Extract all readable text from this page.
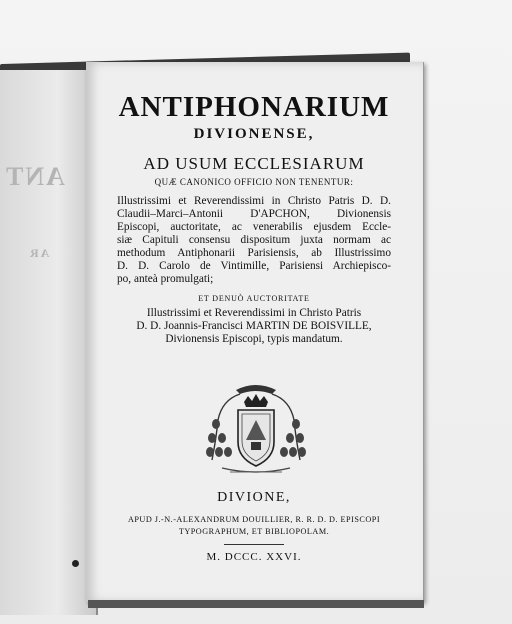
ANT
AR

ANTIPHONARIUM

DIVIONENSE,

AD USUM ECCLESIARUM

QUÆ CANONICO OFFICIO NON TENENTUR:

Illustrissimi et Reverendissimi in Christo Patris D. D.
Claudii–Marci–Antonii D'APCHON, Divionensis
Episcopi, auctoritate, ac venerabilis ejusdem Eccle-
siæ Capituli consensu dispositum juxta normam ac
methodum Antiphonarii Parisiensis, ab Illustrissimo
D. D. Carolo de Vintimille, Parisiensi Archiepisco-
po, anteà promulgati;

ET DENUÒ AUCTORITATE

Illustrissimi et Reverendissimi in Christo Patris
D. D. Joannis-Francisci MARTIN DE BOISVILLE,
Divionensis Episcopi, typis mandatum.

DIVIONE,

APUD J.-N.-ALEXANDRUM DOUILLIER, R. R. D. D. EPISCOPI
TYPOGRAPHUM, ET BIBLIOPOLAM.

M. DCCC. XXVI.
